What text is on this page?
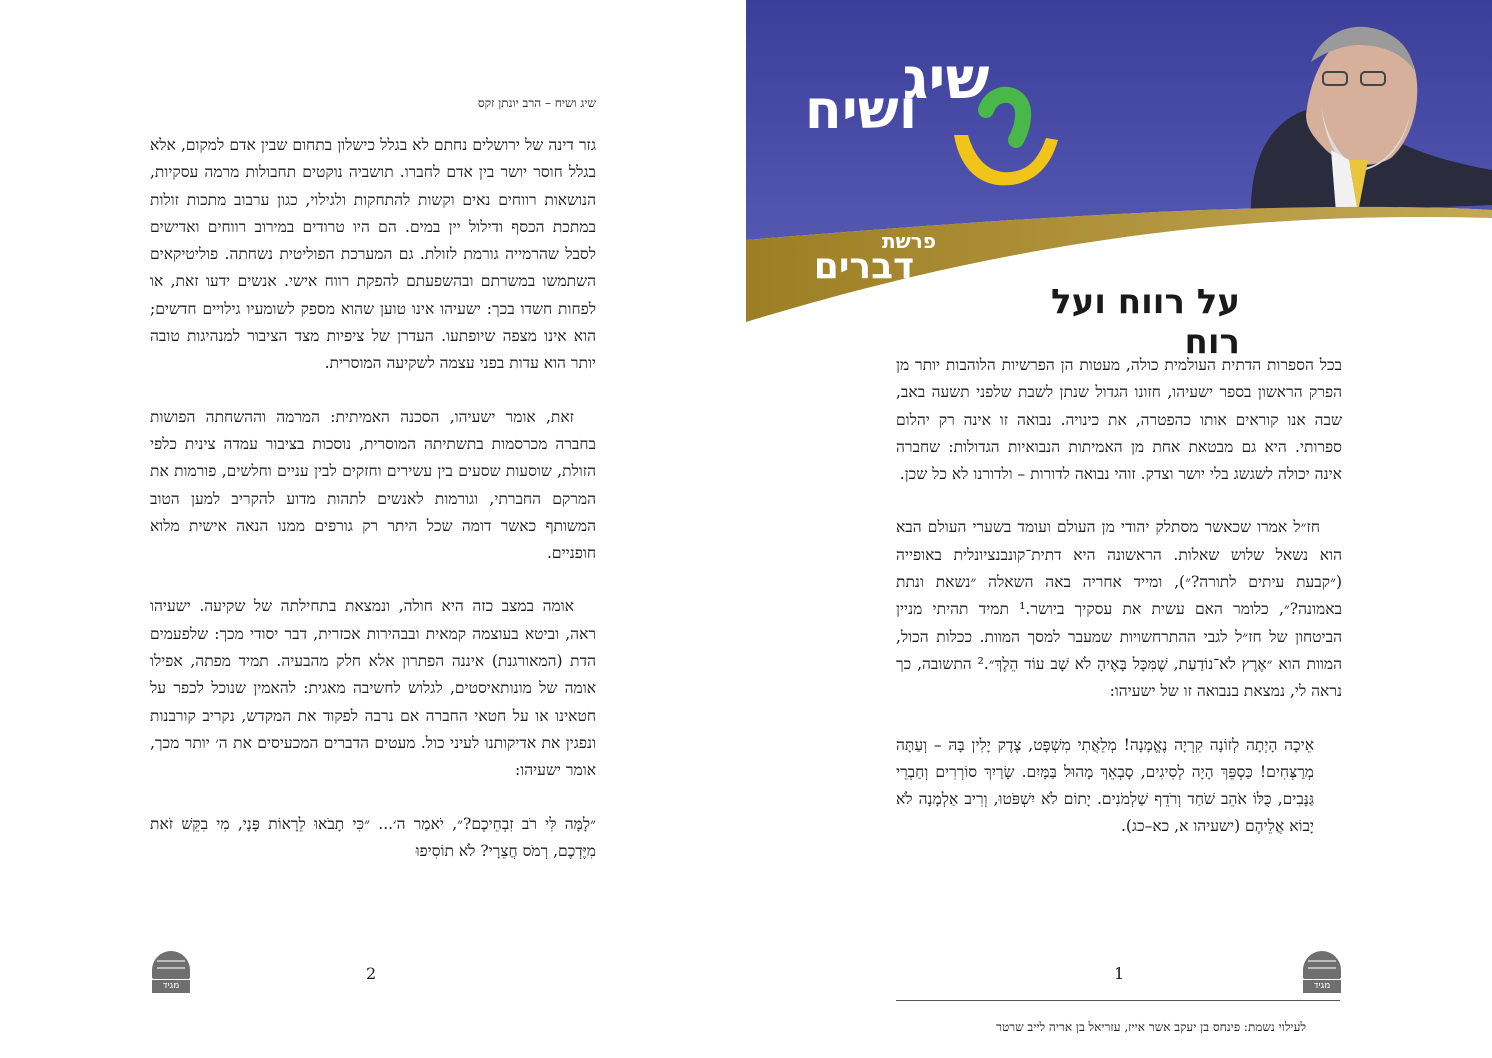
שיג ושיח – הרב יונתן זקס

גזר דינה של ירושלים נחתם לא בגלל כישלון בתחום שבין אדם למקום, אלא בגלל חוסר יושר בין אדם לחברו. תושביה נוקטים תחבולות מרמה עסקיות, הנושאות רווחים נאים וקשות להתחקות ולגילוי, כגון ערבוב מתכות זולות במתכת הכסף ודילול יין במים. הם היו טרודים במירוב רווחים ואדישים לסבל שהרמייה גורמת לזולת. גם המערכת הפוליטית נשחתה. פוליטיקאים השתמשו במשרתם ובהשפעתם להפקת רווח אישי. אנשים ידעו זאת, או לפחות חשדו בכך: ישעיהו אינו טוען שהוא מספק לשומעיו גילויים חדשים; הוא אינו מצפה שיופתעו. העדרן של ציפיות מצד הציבור למנהיגות טובה יותר הוא עדות בפני עצמה לשקיעה המוסרית.

זאת, אומר ישעיהו, הסכנה האמיתית: המרמה וההשחתה הפושות בחברה מכרסמות בתשתיתה המוסרית, נוסכות בציבור עמדה צינית כלפי הזולת, שוסעות שסעים בין עשירים וחזקים לבין עניים וחלשים, פורמות את המרקם החברתי, וגורמות לאנשים לתהות מדוע להקריב למען הטוב המשותף כאשר דומה שכל היתר רק גורפים ממנו הנאה אישית מלוא חופניים.

אומה במצב כזה היא חולה, ונמצאת בתחילתה של שקיעה. ישעיהו ראה, וביטא בעוצמה קמאית ובבהירות אכזרית, דבר יסודי מכך: שלפעמים הדת (המאורגנת) איננה הפתרון אלא חלק מהבעיה. תמיד מפתה, אפילו אומה של מונותאיסטים, לגלוש לחשיבה מאגית: להאמין שנוכל לכפר על חטאינו או על חטאי החברה אם נרבה לפקוד את המקדש, נקריב קורבנות ונפגין את אדיקותנו לעיני כול. מעטים הדברים המכעיסים את ה׳ יותר מכך, אומר ישעיהו:

״לָמָּה לִּי רֹב זִבְחֵיכֶם?״, יֹאמַר ה׳... ״כִּי תָבֹאוּ לֵרָאוֹת פָּנָי, מִי בִקֵּשׁ זֹאת מִיֶּדְכֶם, רְמֹס חֲצֵרָי? לֹא תוֹסִיפוּ

מגיד
2
שיג
ושיח
פרשת
דברים
על רווח ועל רוח

בכל הספרות הדתית העולמית כולה, מעטות הן הפרשיות הלוהבות יותר מן הפרק הראשון בספר ישעיהו, חזונו הגדול שנתן לשבת שלפני תשעה באב, שבה אנו קוראים אותו כהפטרה, את כינויה. נבואה זו אינה רק יהלום ספרותי. היא גם מבטאת אחת מן האמיתות הנבואיות הגדולות: שחברה אינה יכולה לשגשג בלי יושר וצדק. זוהי נבואה לדורות – ולדורנו לא כל שכן.

חז״ל אמרו שכאשר מסתלק יהודי מן העולם ועומד בשערי העולם הבא הוא נשאל שלוש שאלות. הראשונה היא דתית־קונבנציונלית באופייה (״קבעת עיתים לתורה?״), ומייד אחריה באה השאלה ״נשאת ונתת באמונה?״, כלומר האם עשית את עסקיך ביושר.¹ תמיד תהיתי מניין הביטחון של חז״ל לגבי ההתרחשויות שמעבר למסך המוות. ככלות הכול, המוות הוא ״אֶרֶץ לֹא־נוֹדַעַת, שֶׁמִּכָּל בָּאֶיהָ לֹא שָׁב עוֹד הֵלֶךְ״.² התשובה, כך נראה לי, נמצאת בנבואה זו של ישעיהו:

אֵיכָה הָיְתָה לְזוֹנָה קִרְיָה נֶאֱמָנָה! מְלֵאֲתִי מִשְׁפָּט, צֶדֶק יָלִין בָּהּ – וְעַתָּה מְרַצְּחִים! כַּסְפֵּךְ הָיָה לְסִיגִים, סָבְאֵךְ מָהוּל בַּמָּיִם. שָׂרַיִךְ סוֹרְרִים וְחַבְרֵי גַּנָּבִים, כֻּלּוֹ אֹהֵב שֹׁחַד וְרֹדֵף שַׁלְמֹנִים. יָתוֹם לֹא יִשְׁפֹּטוּ, וְרִיב אַלְמָנָה לֹא יָבוֹא אֲלֵיהֶם (ישעיהו א, כא–כג).

1
מגיד
לעילוי נשמת: פינחס בן יעקב אשר אייז, עזריאל בן אריה לייב שרטר
